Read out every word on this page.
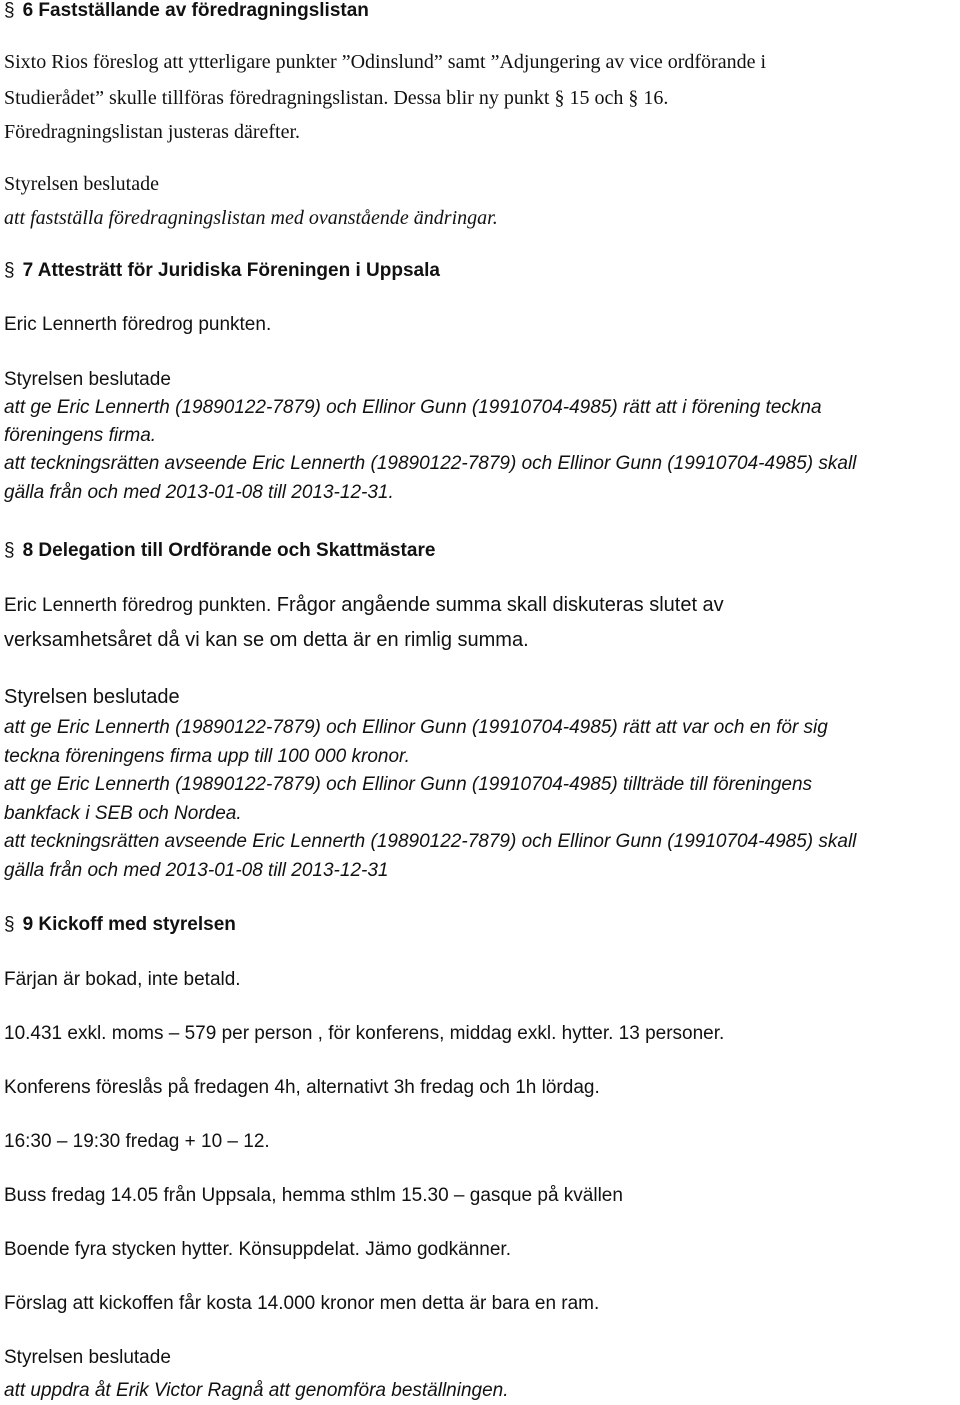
§ 6 Fastställande av föredragningslistan
Sixto Rios föreslog att ytterligare punkter ”Odinslund” samt ”Adjungering av vice ordförande i
Studierådet” skulle tillföras föredragningslistan. Dessa blir ny punkt § 15 och § 16.
Föredragningslistan justeras därefter.
Styrelsen beslutade
att fastställa föredragningslistan med ovanstående ändringar.
§ 7 Attesträtt för Juridiska Föreningen i Uppsala
Eric Lennerth föredrog punkten.
Styrelsen beslutade
att ge Eric Lennerth (19890122-7879) och Ellinor Gunn (19910704-4985) rätt att i förening teckna
föreningens firma.
att teckningsrätten avseende Eric Lennerth (19890122-7879) och Ellinor Gunn (19910704-4985) skall
gälla från och med 2013-01-08 till 2013-12-31.
§ 8 Delegation till Ordförande och Skattmästare
Eric Lennerth föredrog punkten. Frågor angående summa skall diskuteras slutet av
verksamhetsåret då vi kan se om detta är en rimlig summa.
Styrelsen beslutade
att ge Eric Lennerth (19890122-7879) och Ellinor Gunn (19910704-4985) rätt att var och en för sig
teckna föreningens firma upp till 100 000 kronor.
att ge Eric Lennerth (19890122-7879) och Ellinor Gunn (19910704-4985) tillträde till föreningens
bankfack i SEB och Nordea.
att teckningsrätten avseende Eric Lennerth (19890122-7879) och Ellinor Gunn (19910704-4985) skall
gälla från och med 2013-01-08 till 2013-12-31
§ 9 Kickoff med styrelsen
Färjan är bokad, inte betald.
10.431 exkl. moms – 579 per person , för konferens, middag exkl. hytter. 13 personer.
Konferens föreslås på fredagen 4h, alternativt 3h fredag och 1h lördag.
16:30 – 19:30 fredag + 10 – 12.
Buss fredag 14.05 från Uppsala, hemma sthlm 15.30 – gasque på kvällen
Boende fyra stycken hytter. Könsuppdelat. Jämo godkänner.
Förslag att kickoffen får kosta 14.000 kronor men detta är bara en ram.
Styrelsen beslutade
att uppdra åt Erik Victor Ragnå att genomföra beställningen.
